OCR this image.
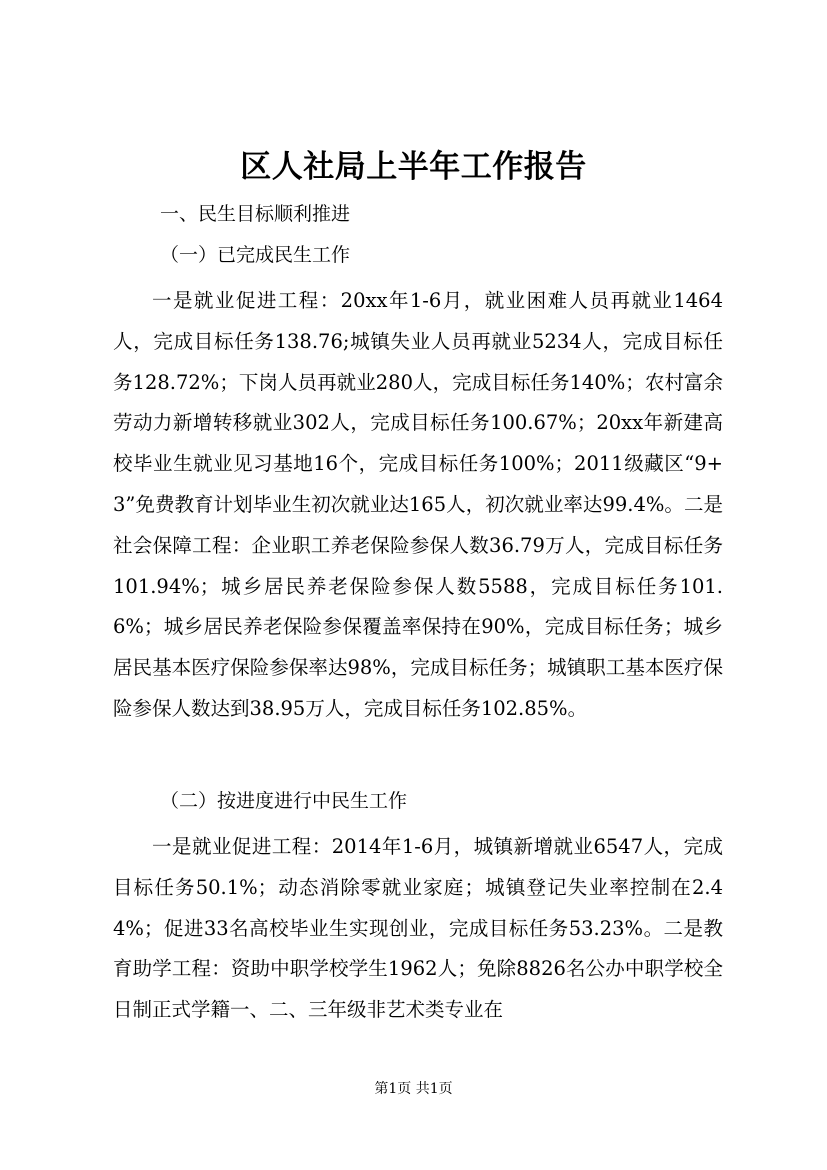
区人社局上半年工作报告
一、民生目标顺利推进
（一）已完成民生工作

一是就业促进工程：20xx年1-6月，就业困难人员再就业1464人，完成目标任务138.76;城镇失业人员再就业5234人，完成目标任务128.72%；下岗人员再就业280人，完成目标任务140%；农村富余劳动力新增转移就业302人，完成目标任务100.67%；20xx年新建高校毕业生就业见习基地16个，完成目标任务100%；2011级藏区“9+3”免费教育计划毕业生初次就业达165人，初次就业率达99.4%。二是社会保障工程：企业职工养老保险参保人数36.79万人，完成目标任务101.94%；城乡居民养老保险参保人数5588，完成目标任务101.6%；城乡居民养老保险参保覆盖率保持在90%，完成目标任务；城乡居民基本医疗保险参保率达98%，完成目标任务；城镇职工基本医疗保险参保人数达到38.95万人，完成目标任务102.85%。

（二）按进度进行中民生工作

一是就业促进工程：2014年1-6月，城镇新增就业6547人，完成目标任务50.1%；动态消除零就业家庭；城镇登记失业率控制在2.44%；促进33名高校毕业生实现创业，完成目标任务53.23%。二是教育助学工程：资助中职学校学生1962人；免除8826名公办中职学校全日制正式学籍一、二、三年级非艺术类专业在

第1页 共1页
